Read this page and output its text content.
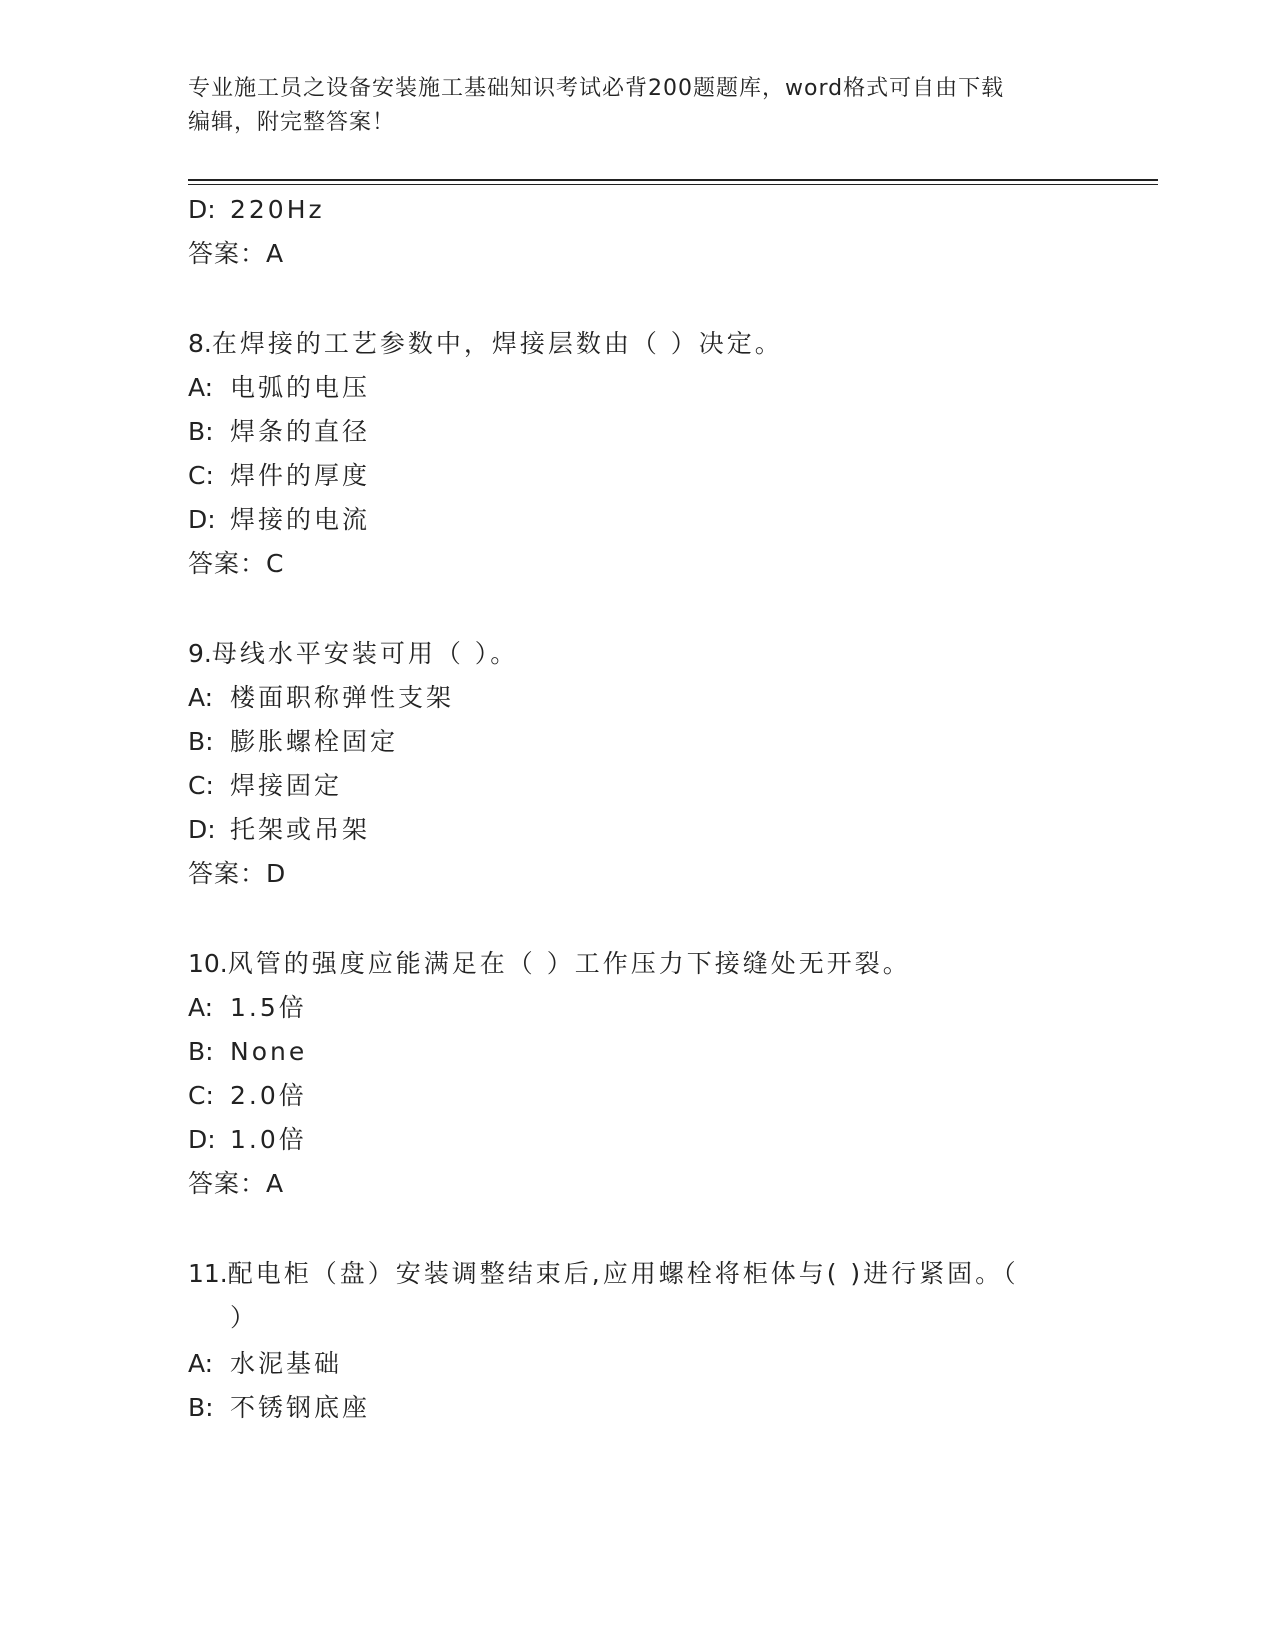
专业施工员之设备安装施工基础知识考试必背200题题库，word格式可自由下载
编辑，附完整答案！
D: 220Hz
答案：A
8.在焊接的工艺参数中，焊接层数由（ ）决定。
A: 电弧的电压
B: 焊条的直径
C: 焊件的厚度
D: 焊接的电流
答案：C
9.母线水平安装可用（ ）。
A: 楼面职称弹性支架
B: 膨胀螺栓固定
C: 焊接固定
D: 托架或吊架
答案：D
10.风管的强度应能满足在（ ）工作压力下接缝处无开裂。
A: 1.5倍
B: None
C: 2.0倍
D: 1.0倍
答案：A
11.配电柜（盘）安装调整结束后,应用螺栓将柜体与( )进行紧固。（
）
A: 水泥基础
B: 不锈钢底座
